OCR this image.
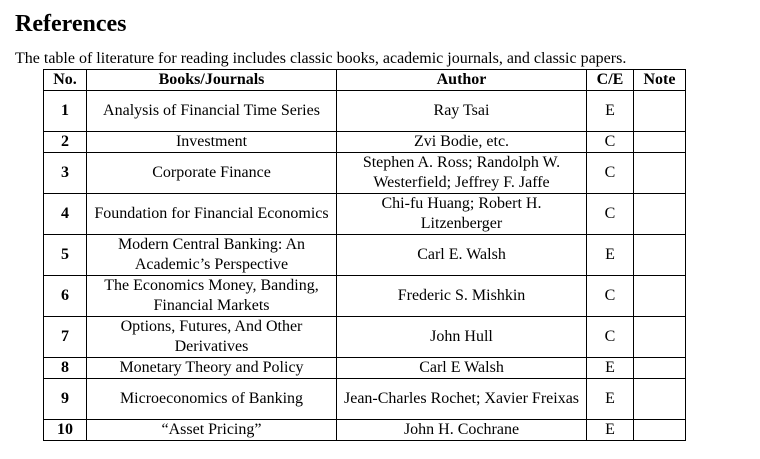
References

The table of literature for reading includes classic books, academic journals, and classic papers.

No.	Books/Journals	Author	C/E	Note
1	Analysis of Financial Time Series	Ray Tsai	E	
2	Investment	Zvi Bodie, etc.	C	
3	Corporate Finance	Stephen A. Ross; Randolph W. Westerfield; Jeffrey F. Jaffe	C	
4	Foundation for Financial Economics	Chi-fu Huang; Robert H. Litzenberger	C	
5	Modern Central Banking: An Academic’s Perspective	Carl E. Walsh	E	
6	The Economics Money, Banding, Financial Markets	Frederic S. Mishkin	C	
7	Options, Futures, And Other Derivatives	John Hull	C	
8	Monetary Theory and Policy	Carl E Walsh	E	
9	Microeconomics of Banking	Jean-Charles Rochet; Xavier Freixas	E	
10	“Asset Pricing”	John H. Cochrane	E	
